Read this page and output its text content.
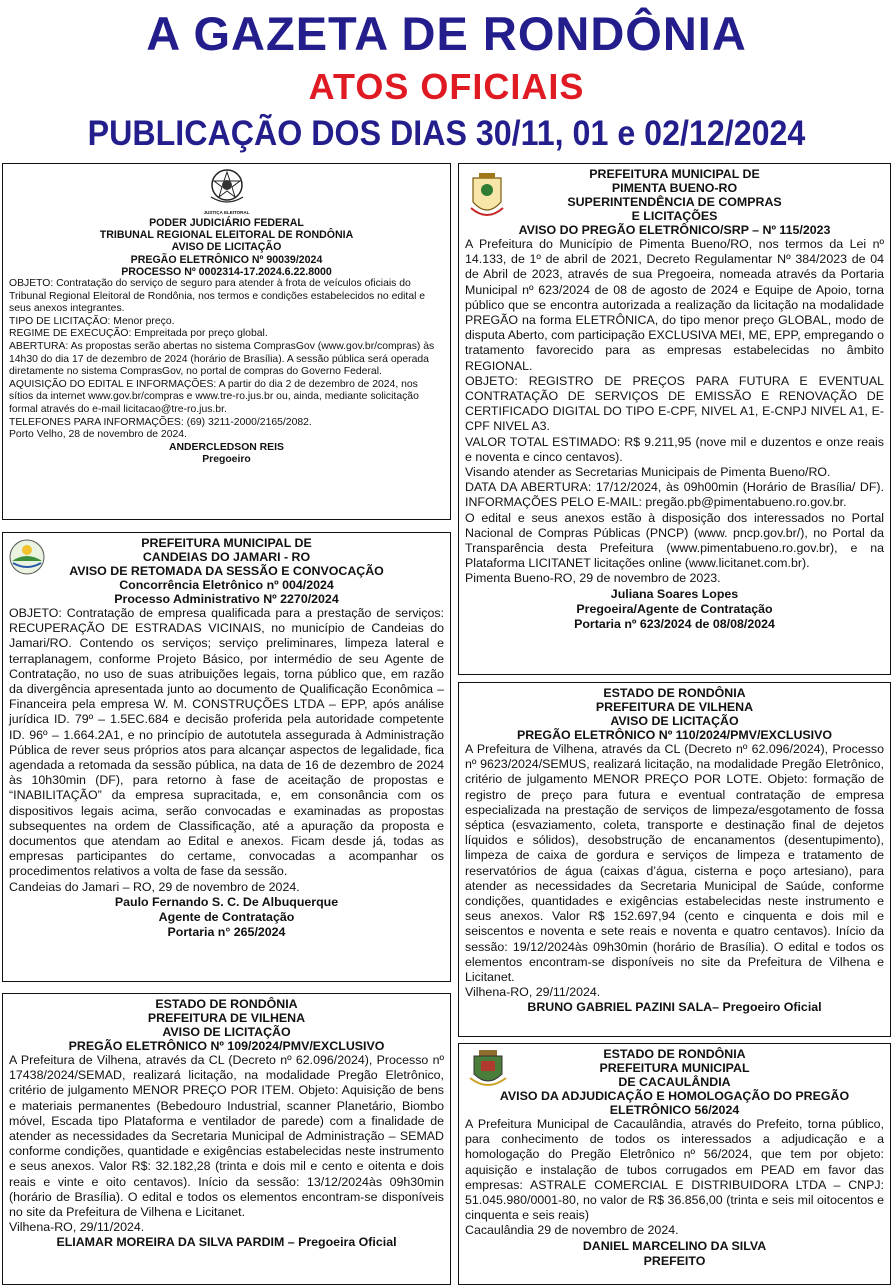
A GAZETA DE RONDÔNIA
ATOS OFICIAIS
PUBLICAÇÃO DOS DIAS 30/11, 01 e 02/12/2024
JUSTIÇA ELEITORAL

PODER JUDICIÁRIO FEDERAL

TRIBUNAL REGIONAL ELEITORAL DE RONDÔNIA

AVISO DE LICITAÇÃO

PREGÃO ELETRÔNICO Nº 90039/2024

PROCESSO Nº 0002314-17.2024.6.22.8000

OBJETO: Contratação do serviço de seguro para atender à frota de veículos oficiais do Tribunal Regional Eleitoral de Rondônia, nos termos e condições estabelecidos no edital e seus anexos integrantes.

TIPO DE LICITAÇÃO: Menor preço.

REGIME DE EXECUÇÃO: Empreitada por preço global.

ABERTURA: As propostas serão abertas no sistema ComprasGov (www.gov.br/compras) às 14h30 do dia 17 de dezembro de 2024 (horário de Brasília). A sessão pública será operada diretamente no sistema ComprasGov, no portal de compras do Governo Federal.

AQUISIÇÃO DO EDITAL E INFORMAÇÕES: A partir do dia 2 de dezembro de 2024, nos sítios da internet www.gov.br/compras e www.tre-ro.jus.br ou, ainda, mediante solicitação formal através do e-mail licitacao@tre-ro.jus.br.

TELEFONES PARA INFORMAÇÕES: (69) 3211-2000/2165/2082.

Porto Velho, 28 de novembro de 2024.

ANDERCLEDSON REIS

Pregoeiro

PREFEITURA MUNICIPAL DE

CANDEIAS DO JAMARI - RO

AVISO DE RETOMADA DA SESSÃO E CONVOCAÇÃO

Concorrência Eletrônico nº 004/2024

Processo Administrativo Nº 2270/2024

OBJETO: Contratação de empresa qualificada para a prestação de serviços: RECUPERAÇÃO DE ESTRADAS VICINAIS, no município de Candeias do Jamari/RO. Contendo os serviços; serviço preliminares, limpeza lateral e terraplanagem, conforme Projeto Básico, por intermédio de seu Agente de Contratação, no uso de suas atribuições legais, torna público que, em razão da divergência apresentada junto ao documento de Qualificação Econômica – Financeira pela empresa W. M. CONSTRUÇÕES LTDA – EPP, após análise jurídica ID. 79º – 1.5EC.684 e decisão proferida pela autoridade competente ID. 96º – 1.664.2A1, e no princípio de autotutela assegurada à Administração Pública de rever seus próprios atos para alcançar aspectos de legalidade, fica agendada a retomada da sessão pública, na data de 16 de dezembro de 2024 às 10h30min (DF), para retorno à fase de aceitação de propostas e “INABILITAÇÃO” da empresa supracitada, e, em consonância com os dispositivos legais acima, serão convocadas e examinadas as propostas subsequentes na ordem de Classificação, até a apuração da proposta e documentos que atendam ao Edital e anexos. Ficam desde já, todas as empresas participantes do certame, convocadas a acompanhar os procedimentos relativos a volta de fase da sessão.

Candeias do Jamari – RO, 29 de novembro de 2024.

Paulo Fernando S. C. De Albuquerque

Agente de Contratação

Portaria n° 265/2024

ESTADO DE RONDÔNIA

PREFEITURA DE VILHENA

AVISO DE LICITAÇÃO

PREGÃO ELETRÔNICO Nº 109/2024/PMV/EXCLUSIVO

A Prefeitura de Vilhena, através da CL (Decreto nº 62.096/2024), Processo nº 17438/2024/SEMAD, realizará licitação, na modalidade Pregão Eletrônico, critério de julgamento MENOR PREÇO POR ITEM. Objeto: Aquisição de bens e materiais permanentes (Bebedouro Industrial, scanner Planetário, Biombo móvel, Escada tipo Plataforma e ventilador de parede) com a finalidade de atender as necessidades da Secretaria Municipal de Administração – SEMAD conforme condições, quantidade e exigências estabelecidas neste instrumento e seus anexos. Valor R$: 32.182,28 (trinta e dois mil e cento e oitenta e dois reais e vinte e oito centavos). Início da sessão: 13/12/2024às 09h30min (horário de Brasília). O edital e todos os elementos encontram-se disponíveis no site da Prefeitura de Vilhena e Licitanet.

Vilhena-RO, 29/11/2024.

ELIAMAR MOREIRA DA SILVA PARDIM – Pregoeira Oficial

PREFEITURA MUNICIPAL DE

PIMENTA BUENO-RO

SUPERINTENDÊNCIA DE COMPRAS

E LICITAÇÕES

AVISO DO PREGÃO ELETRÔNICO/SRP – Nº 115/2023

A Prefeitura do Município de Pimenta Bueno/RO, nos termos da Lei nº 14.133, de 1º de abril de 2021, Decreto Regulamentar Nº 384/2023 de 04 de Abril de 2023, através de sua Pregoeira, nomeada através da Portaria Municipal nº 623/2024 de 08 de agosto de 2024 e Equipe de Apoio, torna público que se encontra autorizada a realização da licitação na modalidade PREGÃO na forma ELETRÔNICA, do tipo menor preço GLOBAL, modo de disputa Aberto, com participação EXCLUSIVA MEI, ME, EPP, empregando o tratamento favorecido para as empresas estabelecidas no âmbito REGIONAL.

OBJETO: REGISTRO DE PREÇOS PARA FUTURA E EVENTUAL CONTRATAÇÃO DE SERVIÇOS DE EMISSÃO E RENOVAÇÃO DE CERTIFICADO DIGITAL DO TIPO E-CPF, NIVEL A1, E-CNPJ NIVEL A1, E-CPF NIVEL A3.

VALOR TOTAL ESTIMADO: R$ 9.211,95 (nove mil e duzentos e onze reais e noventa e cinco centavos).

Visando atender as Secretarias Municipais de Pimenta Bueno/RO.

DATA DA ABERTURA: 17/12/2024, às 09h00min (Horário de Brasília/ DF). INFORMAÇÕES PELO E-MAIL: pregão.pb@pimentabueno.ro.gov.br.

O edital e seus anexos estão à disposição dos interessados no Portal Nacional de Compras Públicas (PNCP) (www. pncp.gov.br/), no Portal da Transparência desta Prefeitura (www.pimentabueno.ro.gov.br), e na Plataforma LICITANET licitações online (www.licitanet.com.br).

Pimenta Bueno-RO, 29 de novembro de 2023.

Juliana Soares Lopes

Pregoeira/Agente de Contratação

Portaria nº 623/2024 de 08/08/2024

ESTADO DE RONDÔNIA

PREFEITURA DE VILHENA

AVISO DE LICITAÇÃO

PREGÃO ELETRÔNICO Nº 110/2024/PMV/EXCLUSIVO

A Prefeitura de Vilhena, através da CL (Decreto nº 62.096/2024), Processo nº 9623/2024/SEMUS, realizará licitação, na modalidade Pregão Eletrônico, critério de julgamento MENOR PREÇO POR LOTE. Objeto: formação de registro de preço para futura e eventual contratação de empresa especializada na prestação de serviços de limpeza/esgotamento de fossa séptica (esvaziamento, coleta, transporte e destinação final de dejetos líquidos e sólidos), desobstrução de encanamentos (desentupimento), limpeza de caixa de gordura e serviços de limpeza e tratamento de reservatórios de água (caixas d’água, cisterna e poço artesiano), para atender as necessidades da Secretaria Municipal de Saúde, conforme condições, quantidades e exigências estabelecidas neste instrumento e seus anexos. Valor R$ 152.697,94 (cento e cinquenta e dois mil e seiscentos e noventa e sete reais e noventa e quatro centavos). Início da sessão: 19/12/2024às 09h30min (horário de Brasília). O edital e todos os elementos encontram-se disponíveis no site da Prefeitura de Vilhena e Licitanet.

Vilhena-RO, 29/11/2024.

BRUNO GABRIEL PAZINI SALA– Pregoeiro Oficial

ESTADO DE RONDÔNIA

PREFEITURA MUNICIPAL

DE CACAULÂNDIA

AVISO DA ADJUDICAÇÃO E HOMOLOGAÇÃO DO PREGÃO ELETRÔNICO 56/2024

A Prefeitura Municipal de Cacaulândia, através do Prefeito, torna público, para conhecimento de todos os interessados a adjudicação e a homologação do Pregão Eletrônico nº 56/2024, que tem por objeto: aquisição e instalação de tubos corrugados em PEAD em favor das empresas: ASTRALE COMERCIAL E DISTRIBUIDORA LTDA – CNPJ: 51.045.980/0001-80, no valor de R$ 36.856,00 (trinta e seis mil oitocentos e cinquenta e seis reais)

Cacaulândia 29 de novembro de 2024.

DANIEL MARCELINO DA SILVA

PREFEITO
